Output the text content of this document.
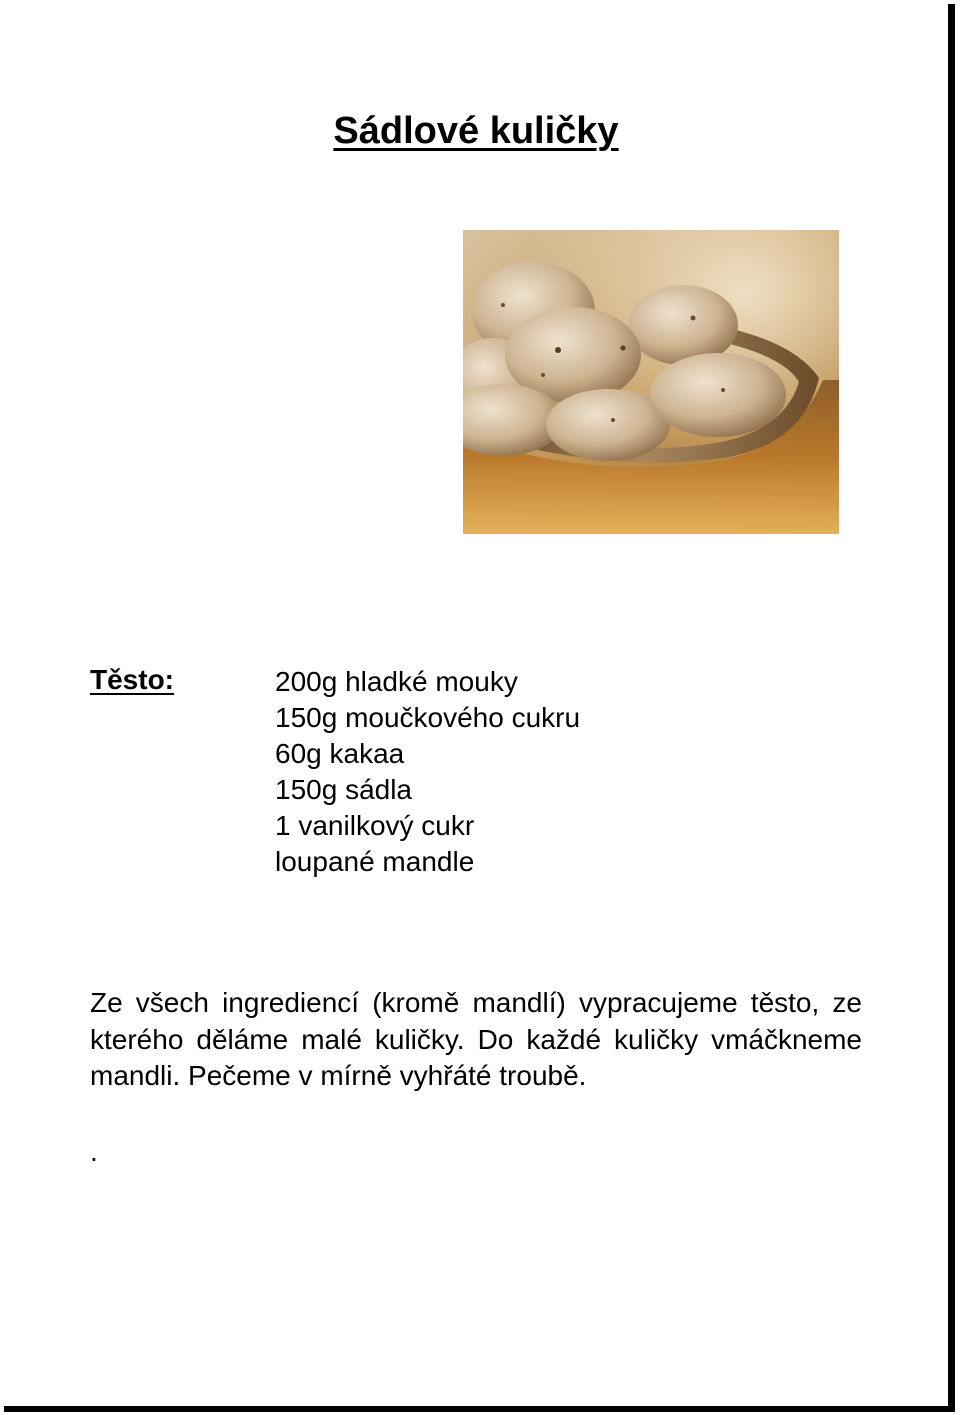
Sádlové kuličky
Těsto:	200g hladké mouky
150g moučkového cukru
60g kakaa
150g sádla
1 vanilkový cukr
loupané mandle

Ze všech ingrediencí (kromě mandlí) vypracujeme těsto, ze kterého děláme malé kuličky. Do každé kuličky vmáčkneme mandli. Pečeme v mírně vyhřáté troubě.

.
